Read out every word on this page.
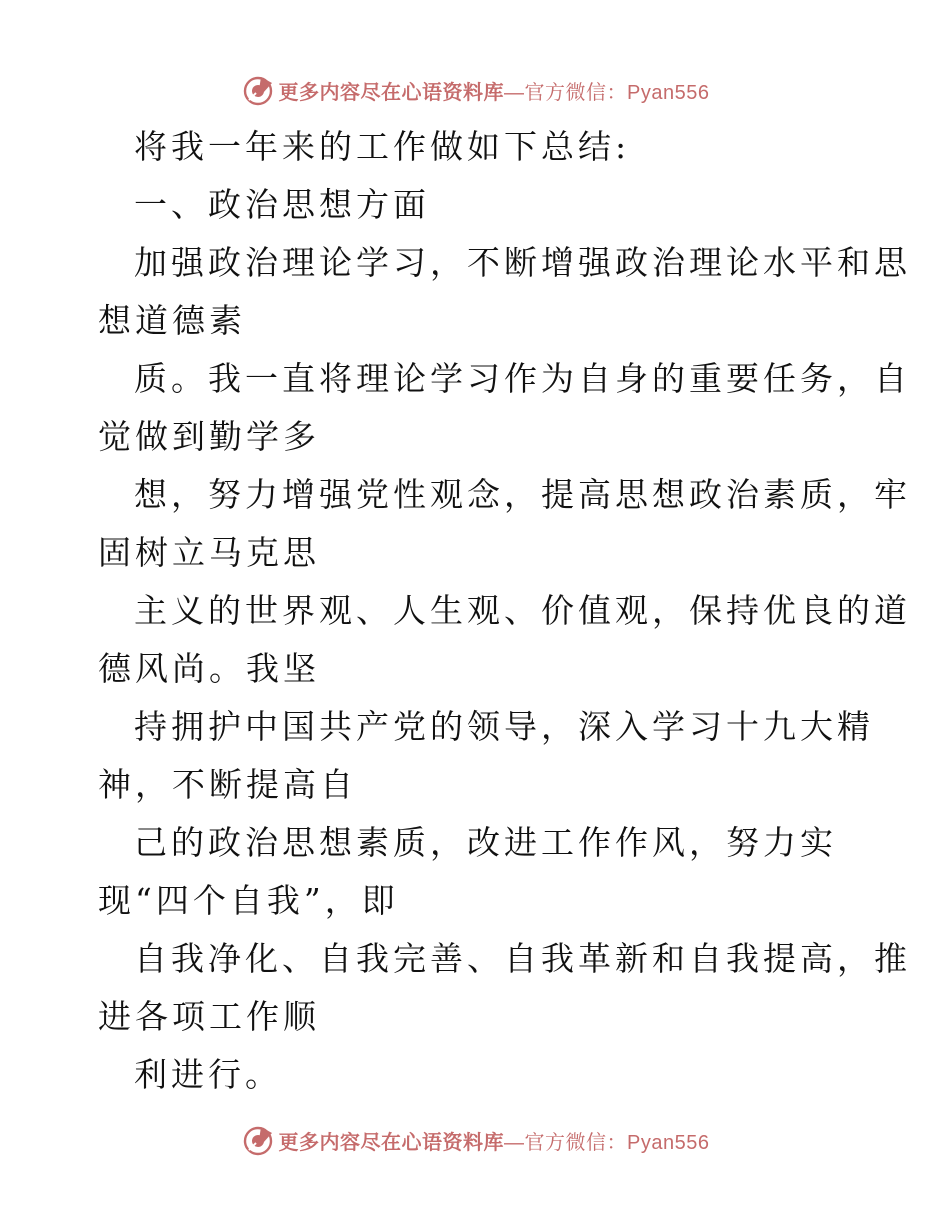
更多内容尽在心语资料库—官方微信：Pyan556
将我一年来的工作做如下总结:
一、政治思想方面
加强政治理论学习，不断增强政治理论水平和思
想道德素
质。我一直将理论学习作为自身的重要任务，自
觉做到勤学多
想，努力增强党性观念，提高思想政治素质，牢
固树立马克思
主义的世界观、人生观、价值观，保持优良的道
德风尚。我坚
持拥护中国共产党的领导，深入学习十九大精
神，不断提高自
己的政治思想素质，改进工作作风，努力实
现“四个自我”，即
自我净化、自我完善、自我革新和自我提高，推
进各项工作顺
利进行。
更多内容尽在心语资料库—官方微信：Pyan556
